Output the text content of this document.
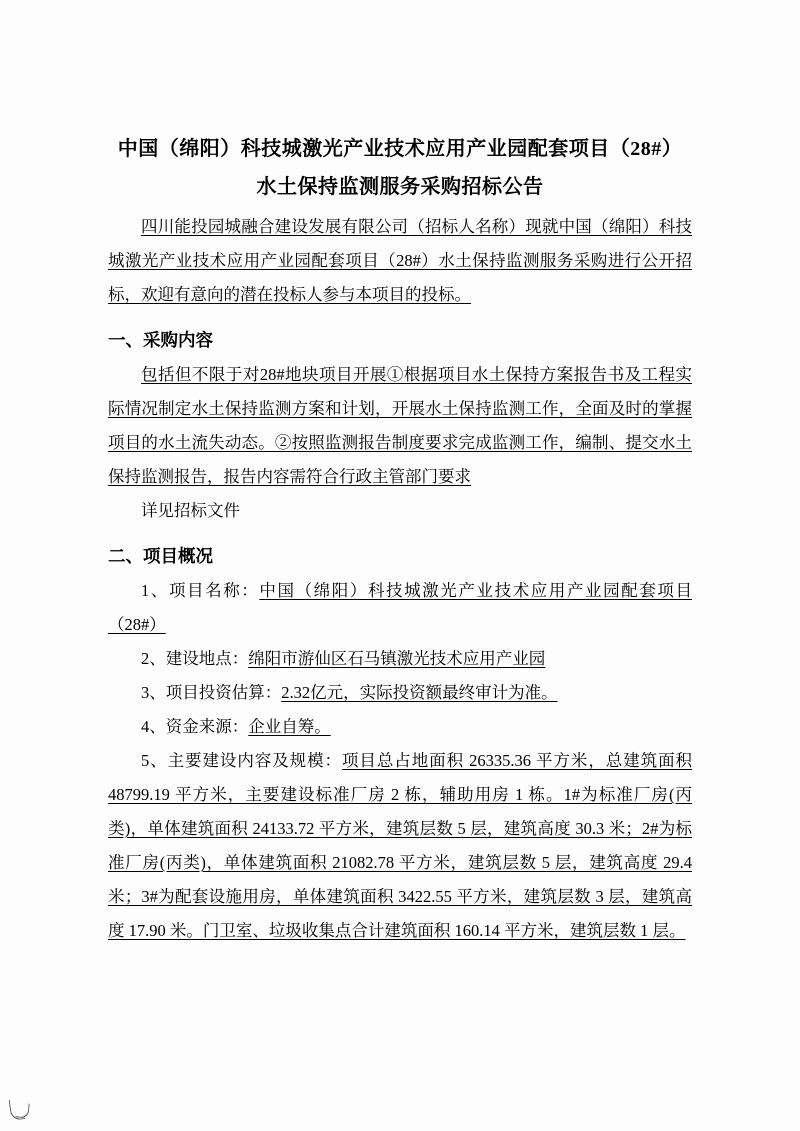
中国（绵阳）科技城激光产业技术应用产业园配套项目（28#）
水土保持监测服务采购招标公告

四川能投园城融合建设发展有限公司（招标人名称）现就中国（绵阳）科技城激光产业技术应用产业园配套项目（28#）水土保持监测服务采购进行公开招标，欢迎有意向的潜在投标人参与本项目的投标。

一、采购内容

包括但不限于对28#地块项目开展①根据项目水土保持方案报告书及工程实际情况制定水土保持监测方案和计划，开展水土保持监测工作，全面及时的掌握项目的水土流失动态。②按照监测报告制度要求完成监测工作，编制、提交水土保持监测报告，报告内容需符合行政主管部门要求

详见招标文件

二、项目概况

1、项目名称：中国（绵阳）科技城激光产业技术应用产业园配套项目（28#）

2、建设地点：绵阳市游仙区石马镇激光技术应用产业园

3、项目投资估算：2.32亿元，实际投资额最终审计为准。

4、资金来源：企业自筹。

5、主要建设内容及规模：项目总占地面积 26335.36 平方米，总建筑面积 48799.19 平方米，主要建设标准厂房 2 栋，辅助用房 1 栋。1#为标准厂房(丙类)，单体建筑面积 24133.72 平方米，建筑层数 5 层，建筑高度 30.3 米；2#为标准厂房(丙类)，单体建筑面积 21082.78 平方米，建筑层数 5 层，建筑高度 29.4 米；3#为配套设施用房，单体建筑面积 3422.55 平方米，建筑层数 3 层，建筑高度 17.90 米。门卫室、垃圾收集点合计建筑面积 160.14 平方米，建筑层数 1 层。
